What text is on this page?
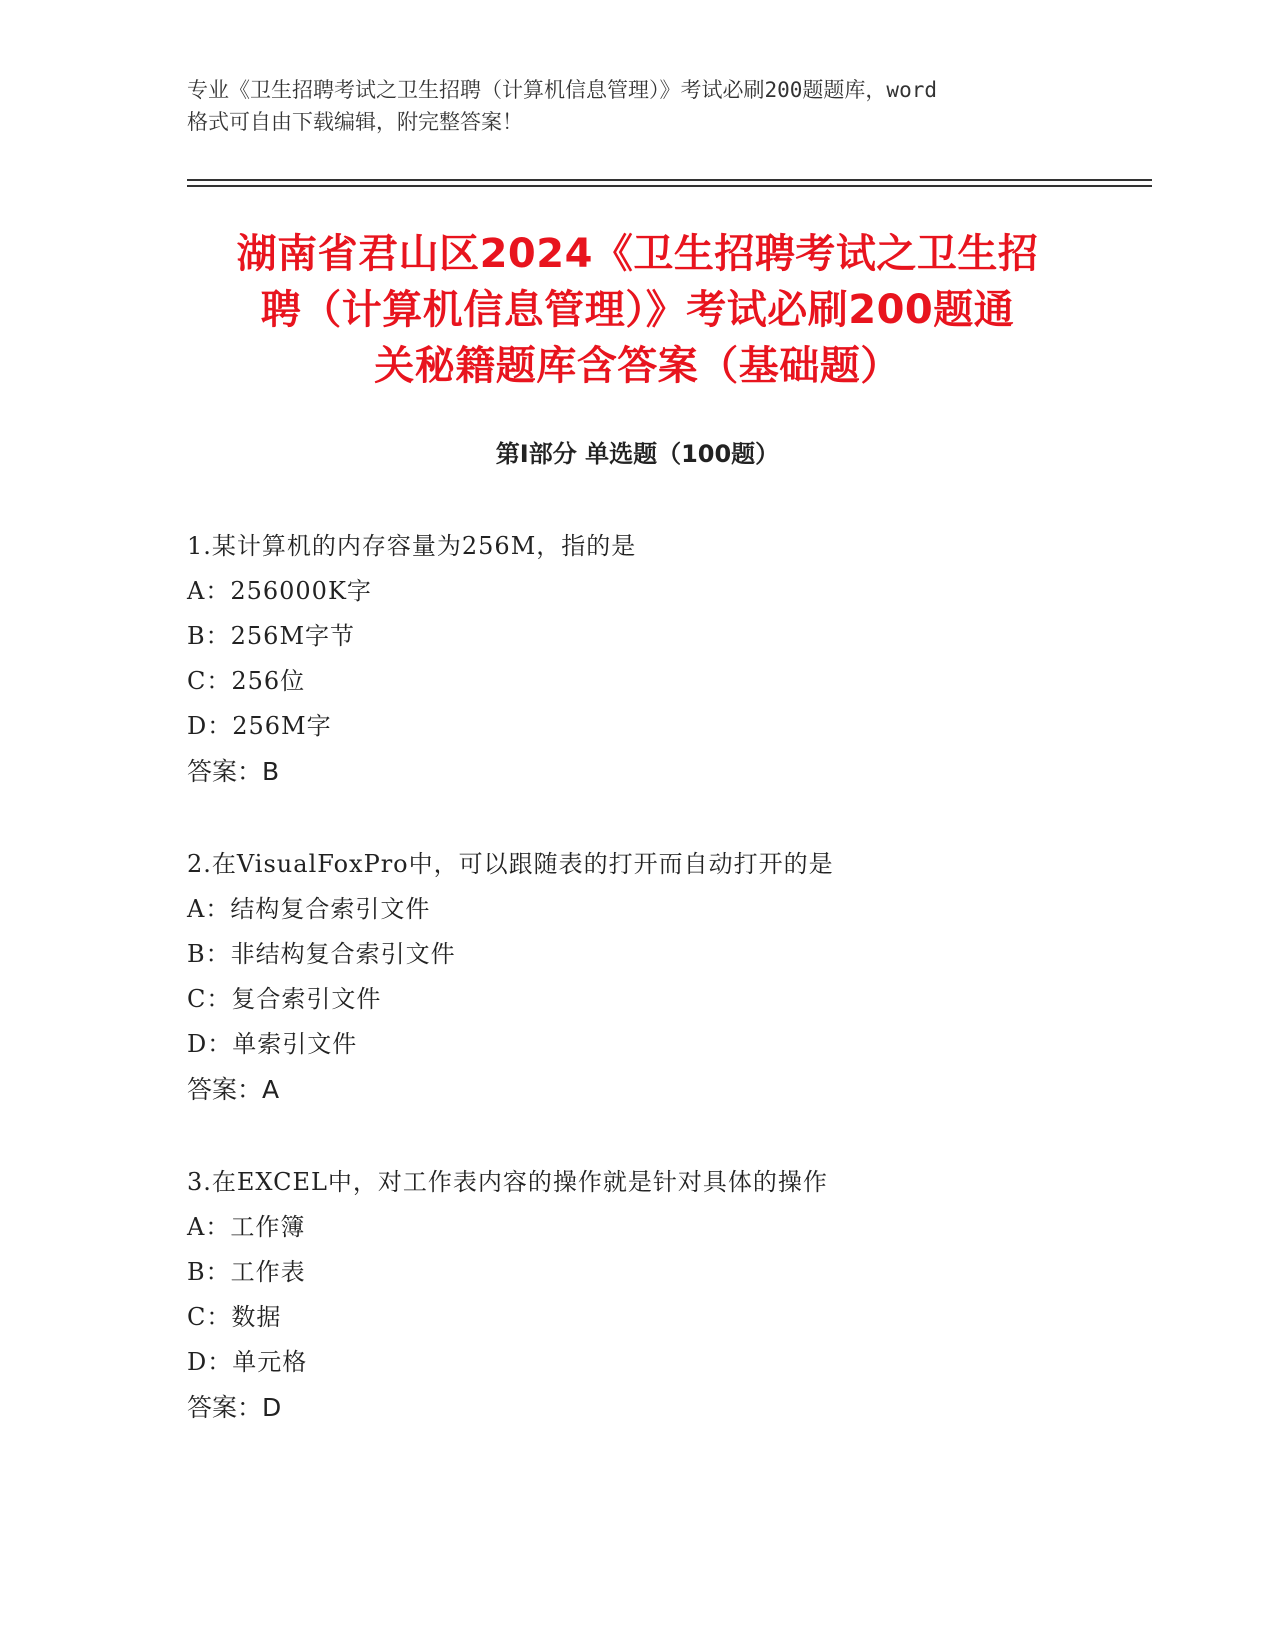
专业《卫生招聘考试之卫生招聘（计算机信息管理）》考试必刷200题题库，word
格式可自由下载编辑，附完整答案！
湖南省君山区2024《卫生招聘考试之卫生招
聘（计算机信息管理）》考试必刷200题通
关秘籍题库含答案（基础题）
第Ⅰ部分 单选题（100题）
1.某计算机的内存容量为256M，指的是
A：256000K字
B：256M字节
C：256位
D：256M字
答案：B
2.在VisualFoxPro中，可以跟随表的打开而自动打开的是
A：结构复合索引文件
B：非结构复合索引文件
C：复合索引文件
D：单索引文件
答案：A
3.在EXCEL中，对工作表内容的操作就是针对具体的操作
A：工作簿
B：工作表
C：数据
D：单元格
答案：D
